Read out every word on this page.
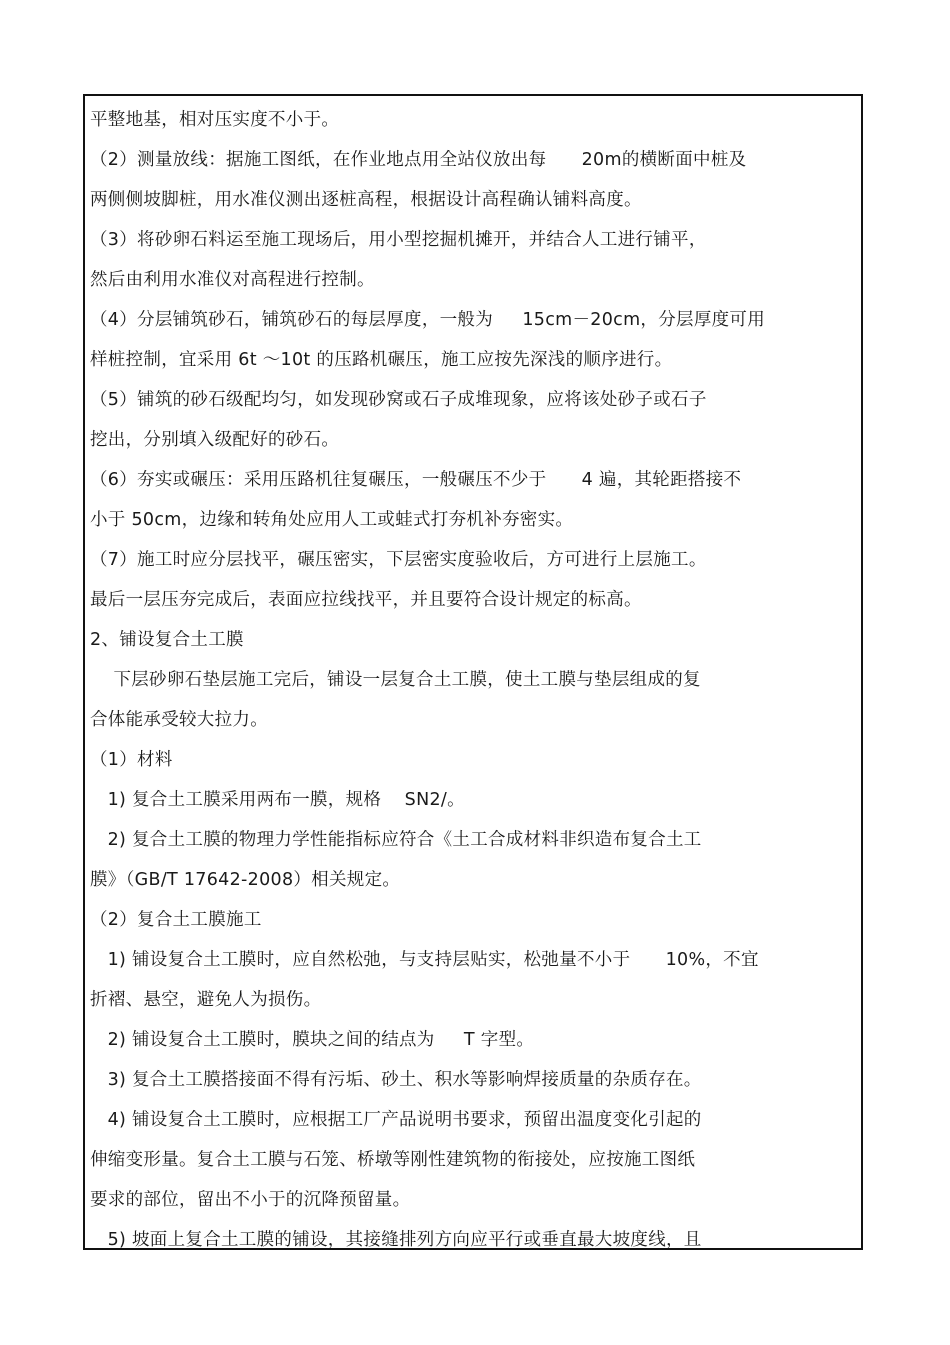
平整地基，相对压实度不小于。
（2）测量放线：据施工图纸，在作业地点用全站仪放出每      20m的横断面中桩及
两侧侧坡脚桩，用水准仪测出逐桩高程，根据设计高程确认铺料高度。
（3）将砂卵石料运至施工现场后，用小型挖掘机摊开，并结合人工进行铺平，
然后由利用水准仪对高程进行控制。
（4）分层铺筑砂石，铺筑砂石的每层厚度，一般为     15cm－20cm，分层厚度可用
样桩控制，宜采用 6t ～10t 的压路机碾压，施工应按先深浅的顺序进行。
（5）铺筑的砂石级配均匀，如发现砂窝或石子成堆现象，应将该处砂子或石子
挖出，分别填入级配好的砂石。
（6）夯实或碾压：采用压路机往复碾压，一般碾压不少于      4 遍，其轮距搭接不
小于 50cm，边缘和转角处应用人工或蛙式打夯机补夯密实。
（7）施工时应分层找平，碾压密实，下层密实度验收后，方可进行上层施工。
最后一层压夯完成后，表面应拉线找平，并且要符合设计规定的标高。
2、铺设复合土工膜
下层砂卵石垫层施工完后，铺设一层复合土工膜，使土工膜与垫层组成的复
合体能承受较大拉力。
（1）材料
1) 复合土工膜采用两布一膜，规格    SN2/。
2) 复合土工膜的物理力学性能指标应符合《土工合成材料非织造布复合土工
膜》（GB/T 17642-2008）相关规定。
（2）复合土工膜施工
1) 铺设复合土工膜时，应自然松弛，与支持层贴实，松弛量不小于      10%，不宜
折褶、悬空，避免人为损伤。
2) 铺设复合土工膜时，膜块之间的结点为     T 字型。
3) 复合土工膜搭接面不得有污垢、砂土、积水等影响焊接质量的杂质存在。
4) 铺设复合土工膜时，应根据工厂产品说明书要求，预留出温度变化引起的
伸缩变形量。复合土工膜与石笼、桥墩等刚性建筑物的衔接处，应按施工图纸
要求的部位，留出不小于的沉降预留量。
5) 坡面上复合土工膜的铺设，其接缝排列方向应平行或垂直最大坡度线，且
